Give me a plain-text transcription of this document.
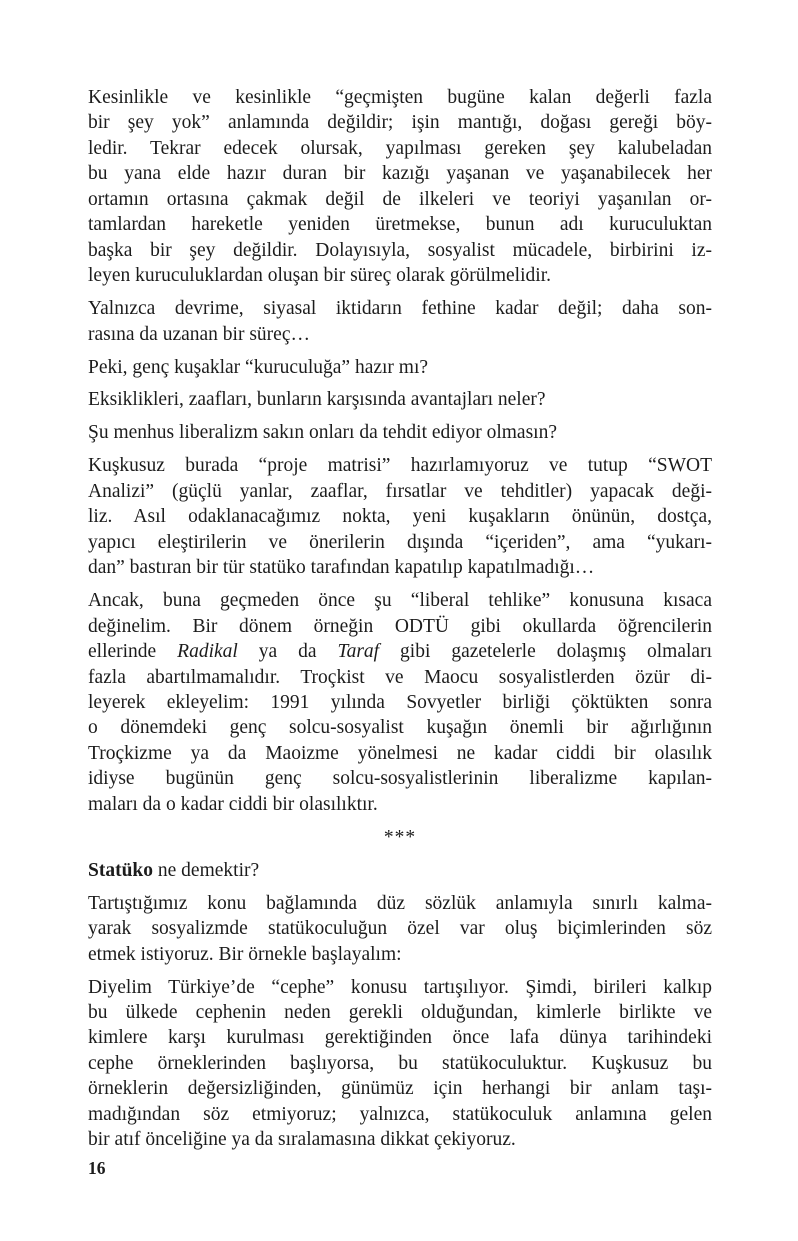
Kesinlikle ve kesinlikle “geçmişten bugüne kalan değerli fazla
bir şey yok” anlamında değildir; işin mantığı, doğası gereği böy-
ledir. Tekrar edecek olursak, yapılması gereken şey kalubeladan
bu yana elde hazır duran bir kazığı yaşanan ve yaşanabilecek her
ortamın ortasına çakmak değil de ilkeleri ve teoriyi yaşanılan or-
tamlardan hareketle yeniden üretmekse, bunun adı kuruculuktan
başka bir şey değildir. Dolayısıyla, sosyalist mücadele, birbirini iz-
leyen kuruculuklardan oluşan bir süreç olarak görülmelidir.
Yalnızca devrime, siyasal iktidarın fethine kadar değil; daha son-
rasına da uzanan bir süreç…
Peki, genç kuşaklar “kuruculuğa” hazır mı?
Eksiklikleri, zaafları, bunların karşısında avantajları neler?
Şu menhus liberalizm sakın onları da tehdit ediyor olmasın?
Kuşkusuz burada “proje matrisi” hazırlamıyoruz ve tutup “SWOT
Analizi” (güçlü yanlar, zaaflar, fırsatlar ve tehditler) yapacak deği-
liz. Asıl odaklanacağımız nokta, yeni kuşakların önünün, dostça,
yapıcı eleştirilerin ve önerilerin dışında “içeriden”, ama “yukarı-
dan” bastıran bir tür statüko tarafından kapatılıp kapatılmadığı…
Ancak, buna geçmeden önce şu “liberal tehlike” konusuna kısaca
değinelim. Bir dönem örneğin ODTÜ gibi okullarda öğrencilerin
ellerinde Radikal ya da Taraf gibi gazetelerle dolaşmış olmaları
fazla abartılmamalıdır. Troçkist ve Maocu sosyalistlerden özür di-
leyerek ekleyelim: 1991 yılında Sovyetler birliği çöktükten sonra
o dönemdeki genç solcu-sosyalist kuşağın önemli bir ağırlığının
Troçkizme ya da Maoizme yönelmesi ne kadar ciddi bir olasılık
idiyse bugünün genç solcu-sosyalistlerinin liberalizme kapılan-
maları da o kadar ciddi bir olasılıktır.
***
Statüko ne demektir?
Tartıştığımız konu bağlamında düz sözlük anlamıyla sınırlı kalma-
yarak sosyalizmde statükoculuğun özel var oluş biçimlerinden söz
etmek istiyoruz. Bir örnekle başlayalım:
Diyelim Türkiye’de “cephe” konusu tartışılıyor. Şimdi, birileri kalkıp
bu ülkede cephenin neden gerekli olduğundan, kimlerle birlikte ve
kimlere karşı kurulması gerektiğinden önce lafa dünya tarihindeki
cephe örneklerinden başlıyorsa, bu statükoculuktur. Kuşkusuz bu
örneklerin değersizliğinden, günümüz için herhangi bir anlam taşı-
madığından söz etmiyoruz; yalnızca, statükoculuk anlamına gelen
bir atıf önceliğine ya da sıralamasına dikkat çekiyoruz.
16
